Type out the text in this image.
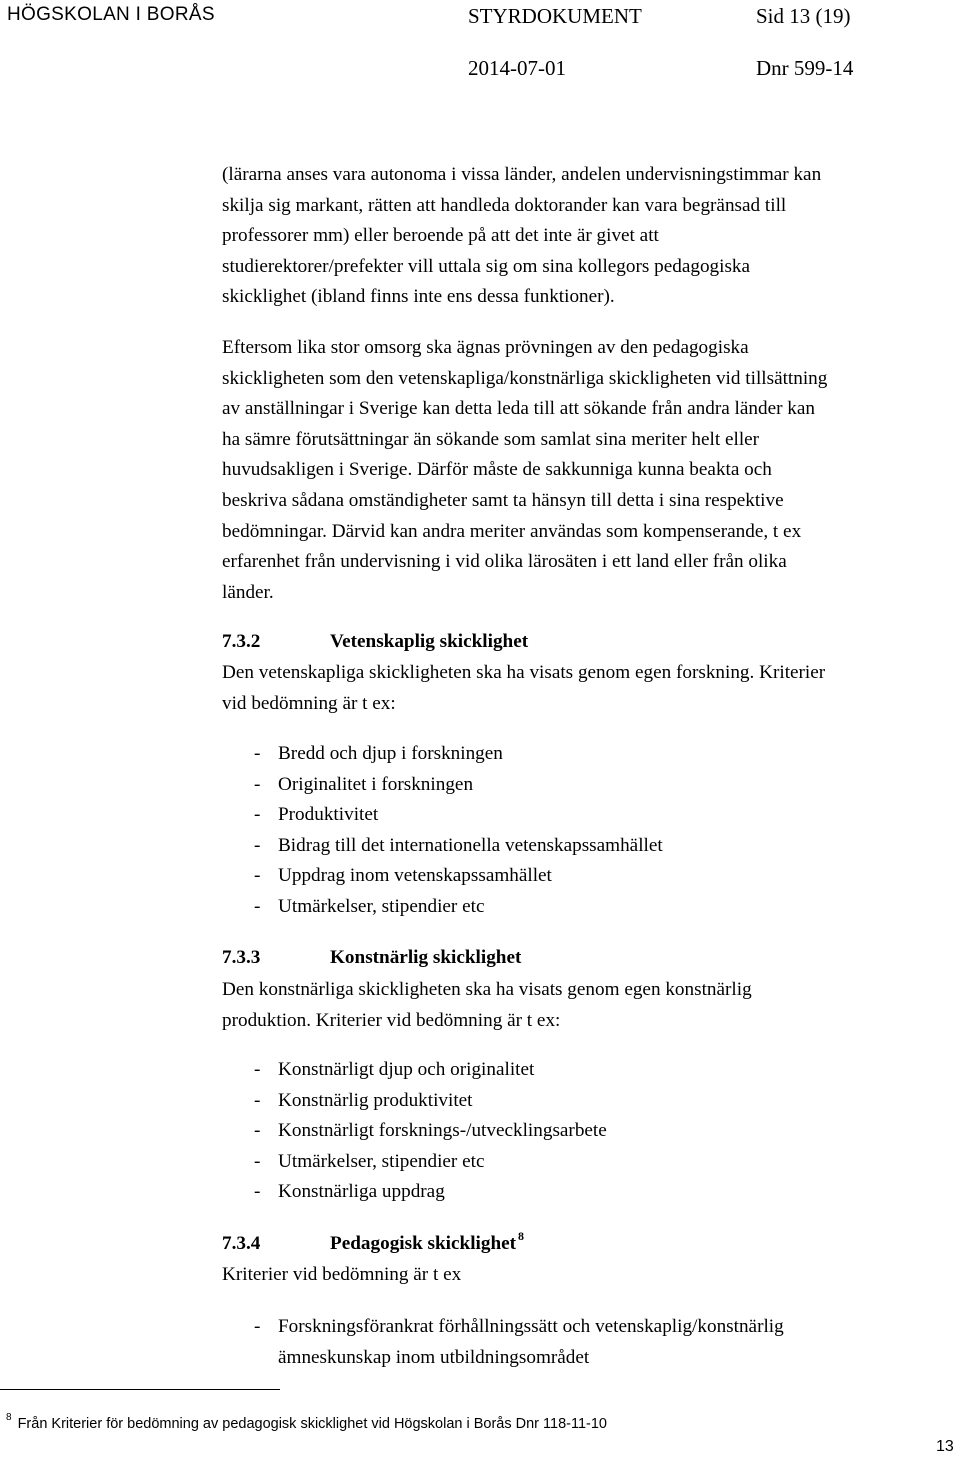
HÖGSKOLAN I BORÅS	STYRDOKUMENT	Sid 13 (19)
2014-07-01	Dnr 599-14
(lärarna anses vara autonoma i vissa länder, andelen undervisningstimmar kan
skilja sig markant, rätten att handleda doktorander kan vara begränsad till
professorer mm) eller beroende på att det inte är givet att
studierektorer/prefekter vill uttala sig om sina kollegors pedagogiska
skicklighet (ibland finns inte ens dessa funktioner).
Eftersom lika stor omsorg ska ägnas prövningen av den pedagogiska
skickligheten som den vetenskapliga/konstnärliga skickligheten vid tillsättning
av anställningar i Sverige kan detta leda till att sökande från andra länder kan
ha sämre förutsättningar än sökande som samlat sina meriter helt eller
huvudsakligen i Sverige. Därför måste de sakkunniga kunna beakta och
beskriva sådana omständigheter samt ta hänsyn till detta i sina respektive
bedömningar. Därvid kan andra meriter användas som kompenserande, t ex
erfarenhet från undervisning i vid olika lärosäten i ett land eller från olika
länder.
7.3.2	Vetenskaplig skicklighet
Den vetenskapliga skickligheten ska ha visats genom egen forskning. Kriterier
vid bedömning är t ex:
- Bredd och djup i forskningen
- Originalitet i forskningen
- Produktivitet
- Bidrag till det internationella vetenskapssamhället
- Uppdrag inom vetenskapssamhället
- Utmärkelser, stipendier etc
7.3.3	Konstnärlig skicklighet
Den konstnärliga skickligheten ska ha visats genom egen konstnärlig
produktion. Kriterier vid bedömning är t ex:
- Konstnärligt djup och originalitet
- Konstnärlig produktivitet
- Konstnärligt forsknings-/utvecklingsarbete
- Utmärkelser, stipendier etc
- Konstnärliga uppdrag
7.3.4	Pedagogisk skicklighet $^8$
Kriterier vid bedömning är t ex
- Forskningsförankrat förhållningssätt och vetenskaplig/konstnärlig
ämneskunskap inom utbildningsområdet
$^8$ Från Kriterier för bedömning av pedagogisk skicklighet vid Högskolan i Borås Dnr 118-11-10
13
